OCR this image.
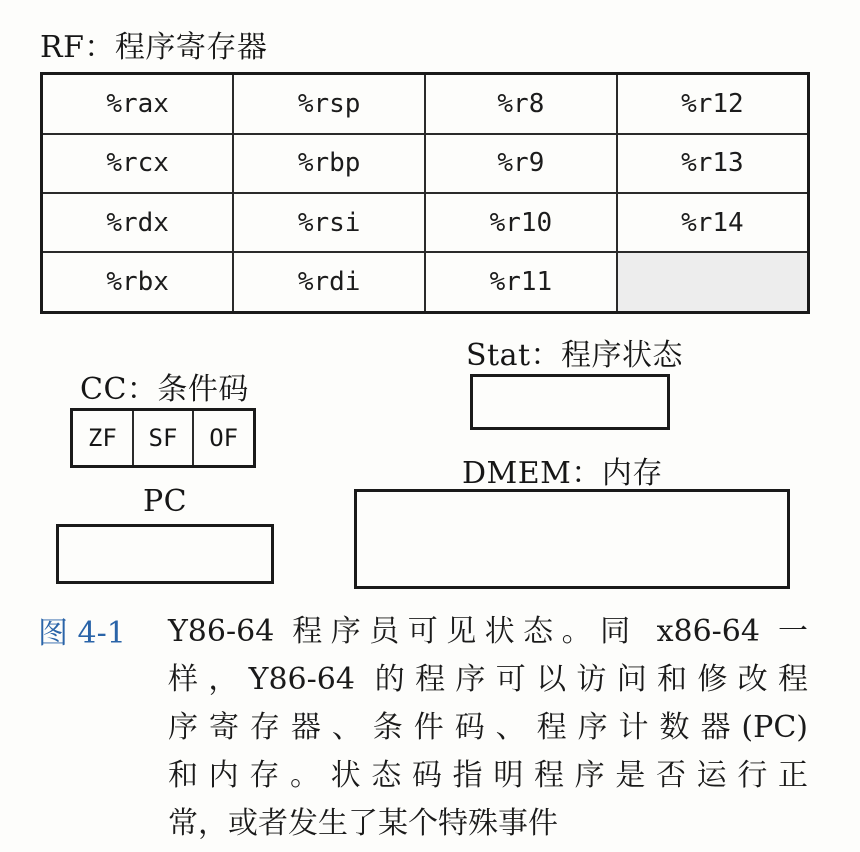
RF：程序寄存器
%rax	%rsp	%r8	%r12
%rcx	%rbp	%r9	%r13
%rdx	%rsi	%r10	%r14
%rbx	%rdi	%r11	
Stat：程序状态
CC：条件码
ZF	SF	OF
DMEM：内存
PC
图 4-1 Y86-64 程序员可见状态。同 x86-64 一
样，Y86-64 的程序可以访问和修改程
序寄存器、条件码、程序计数器(PC)
和内存。状态码指明程序是否运行正
常，或者发生了某个特殊事件
